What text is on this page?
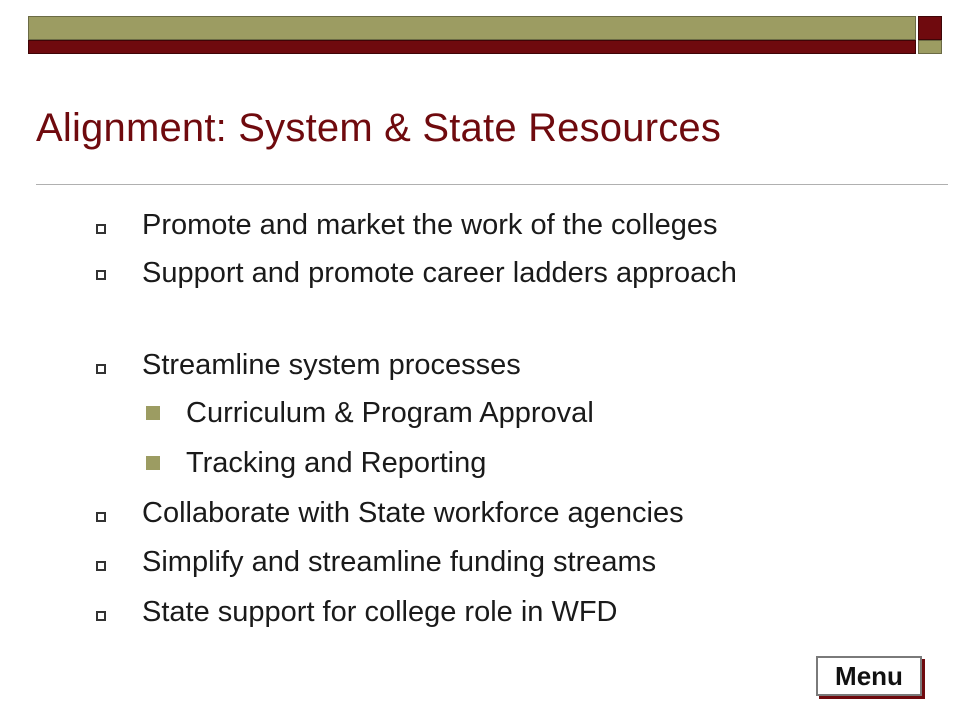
Alignment: System & State Resources
Promote and market the work of the colleges
Support and promote career ladders approach
Streamline system processes
Curriculum & Program Approval
Tracking and Reporting
Collaborate with State workforce agencies
Simplify and streamline funding streams
State support for college role in WFD
Menu
